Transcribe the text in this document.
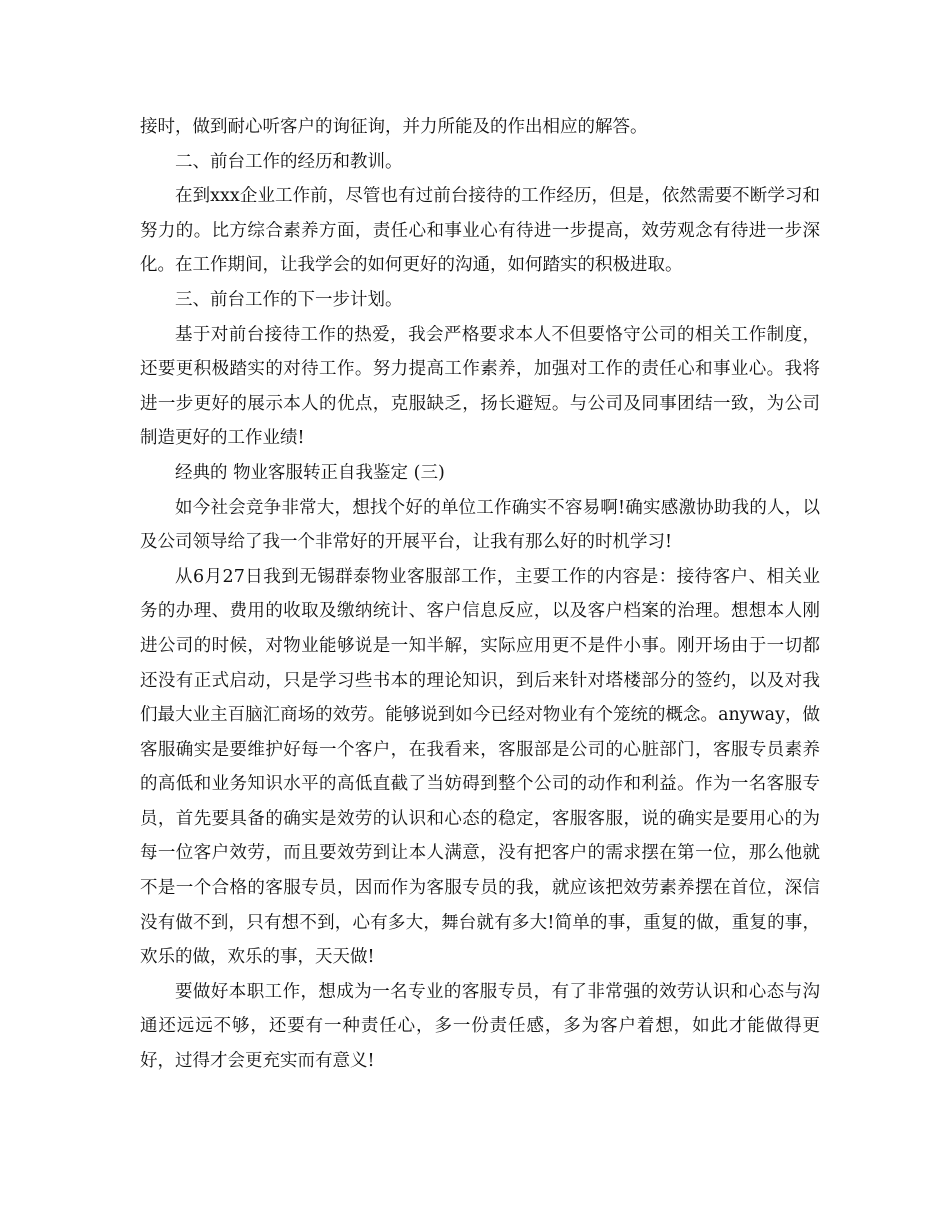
接时，做到耐心听客户的询征询，并力所能及的作出相应的解答。

二、前台工作的经历和教训。

在到xxx企业工作前，尽管也有过前台接待的工作经历，但是，依然需要不断学习和努力的。比方综合素养方面，责任心和事业心有待进一步提高，效劳观念有待进一步深化。在工作期间，让我学会的如何更好的沟通，如何踏实的积极进取。

三、前台工作的下一步计划。

基于对前台接待工作的热爱，我会严格要求本人不但要恪守公司的相关工作制度，还要更积极踏实的对待工作。努力提高工作素养，加强对工作的责任心和事业心。我将进一步更好的展示本人的优点，克服缺乏，扬长避短。与公司及同事团结一致，为公司制造更好的工作业绩!

经典的 物业客服转正自我鉴定 (三)

如今社会竞争非常大，想找个好的单位工作确实不容易啊!确实感激协助我的人，以及公司领导给了我一个非常好的开展平台，让我有那么好的时机学习!

从6月27日我到无锡群泰物业客服部工作，主要工作的内容是：接待客户、相关业务的办理、费用的收取及缴纳统计、客户信息反应，以及客户档案的治理。想想本人刚进公司的时候，对物业能够说是一知半解，实际应用更不是件小事。刚开场由于一切都还没有正式启动，只是学习些书本的理论知识，到后来针对塔楼部分的签约，以及对我们最大业主百脑汇商场的效劳。能够说到如今已经对物业有个笼统的概念。anyway，做客服确实是要维护好每一个客户，在我看来，客服部是公司的心脏部门，客服专员素养的高低和业务知识水平的高低直截了当妨碍到整个公司的动作和利益。作为一名客服专员，首先要具备的确实是效劳的认识和心态的稳定，客服客服，说的确实是要用心的为每一位客户效劳，而且要效劳到让本人满意，没有把客户的需求摆在第一位，那么他就不是一个合格的客服专员，因而作为客服专员的我，就应该把效劳素养摆在首位，深信没有做不到，只有想不到，心有多大，舞台就有多大!简单的事，重复的做，重复的事，欢乐的做，欢乐的事，天天做!

要做好本职工作，想成为一名专业的客服专员，有了非常强的效劳认识和心态与沟通还远远不够，还要有一种责任心，多一份责任感，多为客户着想，如此才能做得更好，过得才会更充实而有意义!
